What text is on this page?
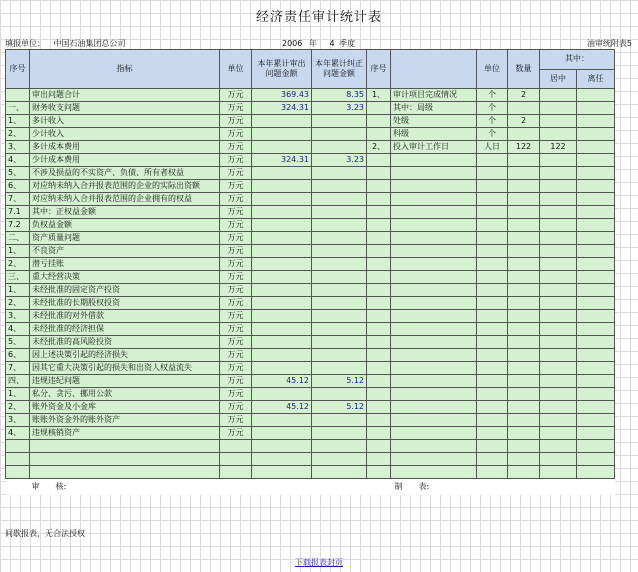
经济责任审计统计表
填报单位： 中国石油集团总公司	2006 年 4 季度	油审统附表5
序号	指标	单位	本年累计审出问题金额	本年累计纠正问题金额	序号		单位	数量	其中：	
									居中	离任
	审出问题合计	万元	369.43	8.35	1、	审计项目完成情况	个	2		
一、	财务收支问题	万元	324.31	3.23		其中：局级	个			
1、	多计收入	万元				处级	个	2		
2、	少计收入	万元				科级	个			
3、	多计成本费用	万元			2、	投入审计工作日	人日	122	122	
4、	少计成本费用	万元	324.31	3.23						
5、	不涉及损益的不实资产、负债、所有者权益	万元								
6、	对应纳未纳入合并报表范围的企业的实际出资额	万元								
7、	对应纳未纳入合并报表范围的企业拥有的权益	万元								
7.1	其中：正权益金额	万元								
7.2	负权益金额	万元								
二、	资产质量问题	万元								
1、	不良资产	万元								
2、	潜亏挂账	万元								
三、	重大经营决策	万元								
1、	未经批准的固定资产投资	万元								
2、	未经批准的长期股权投资	万元								
3、	未经批准的对外借款	万元								
4、	未经批准的经济担保	万元								
5、	未经批准的高风险投资	万元								
6、	因上述决策引起的经济损失	万元								
7、	因其它重大决策引起的损失和出资人权益流失	万元								
四、	违规违纪问题	万元	45.12	5.12						
1、	私分、贪污、挪用公款	万元								
2、	账外资金及小金库	万元	45.12	5.12						
3、	账账外资金外的账外资产	万元								
4、	违规核销资产	万元								

审　　核:					制　　表:					
间歇报表，无合法授权
下载报表封页
